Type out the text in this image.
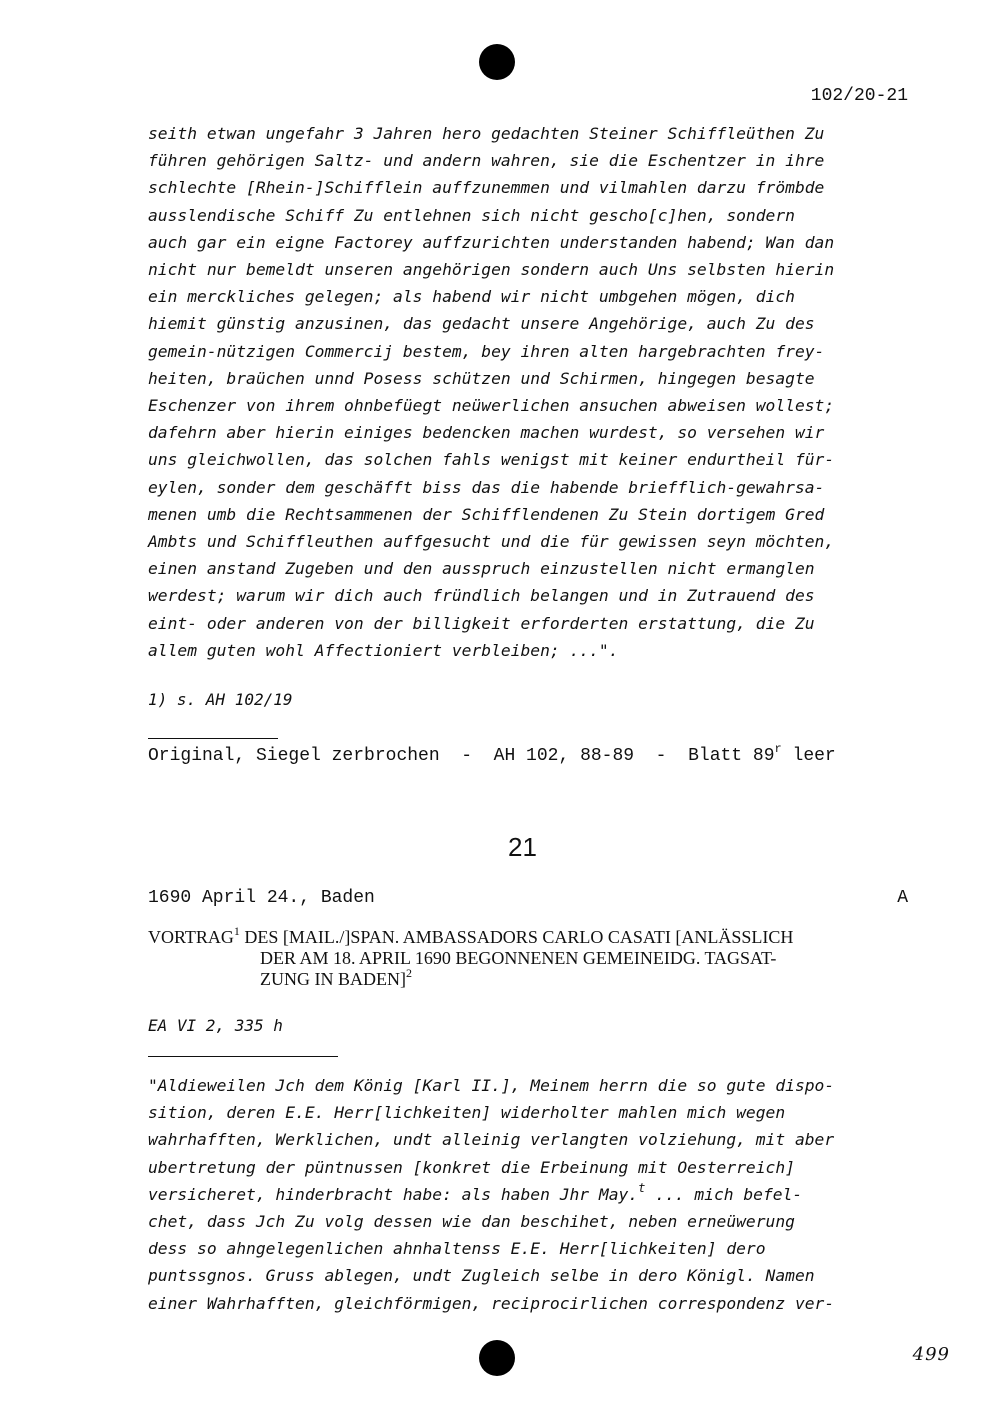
102/20-21
seith etwan ungefahr 3 Jahren hero gedachten Steiner Schiffleüthen Zu
führen gehörigen Saltz- und andern wahren, sie die Eschentzer in ihre
schlechte [Rhein-]Schifflein auffzunemmen und vilmahlen darzu frömbde
ausslendische Schiff Zu entlehnen sich nicht gescho[c]hen, sondern
auch gar ein eigne Factorey auffzurichten understanden habend; Wan dan
nicht nur bemeldt unseren angehörigen sondern auch Uns selbsten hierin
ein merckliches gelegen; als habend wir nicht umbgehen mögen, dich
hiemit günstig anzusinen, das gedacht unsere Angehörige, auch Zu des
gemein-nützigen Commercij bestem, bey ihren alten hargebrachten frey-
heiten, braüchen unnd Posess schützen und Schirmen, hingegen besagte
Eschenzer von ihrem ohnbefüegt neüwerlichen ansuchen abweisen wollest;
dafehrn aber hierin einiges bedencken machen wurdest, so versehen wir
uns gleichwollen, das solchen fahls wenigst mit keiner endurtheil für-
eylen, sonder dem geschäfft biss das die habende briefflich-gewahrsa-
menen umb die Rechtsammenen der Schifflendenen Zu Stein dortigem Gred
Ambts und Schiffleuthen auffgesucht und die für gewissen seyn möchten,
einen anstand Zugeben und den ausspruch einzustellen nicht ermanglen
werdest; warum wir dich auch fründlich belangen und in Zutrauend des
eint- oder anderen von der billigkeit erforderten erstattung, die Zu
allem guten wohl Affectioniert verbleiben; ...".
1) s. AH 102/19
Original, Siegel zerbrochen  -  AH 102, 88-89  -  Blatt 89$^r$ leer
21
1690 April 24., Baden	A
VORTRAG$^1$ DES [MAIL./]SPAN. AMBASSADORS CARLO CASATI [ANLÄSSLICH
DER AM 18. APRIL 1690 BEGONNENEN GEMEINEIDG. TAGSAT-
ZUNG IN BADEN]$^2$
EA VI 2, 335 h
"Aldieweilen Jch dem König [Karl II.], Meinem herrn die so gute dispo-
sition, deren E.E. Herr[lichkeiten] widerholter mahlen mich wegen
wahrhafften, Werklichen, undt alleinig verlangten volziehung, mit aber
ubertretung der püntnussen [konkret die Erbeinung mit Oesterreich]
versicheret, hinderbracht habe: als haben Jhr May.$^t$ ... mich befel-
chet, dass Jch Zu volg dessen wie dan beschihet, neben erneüwerung
dess so ahngelegenlichen ahnhaltenss E.E. Herr[lichkeiten] dero
puntssgnos. Gruss ablegen, undt Zugleich selbe in dero Königl. Namen
einer Wahrhafften, gleichförmigen, reciprocirlichen correspondenz ver-
499
